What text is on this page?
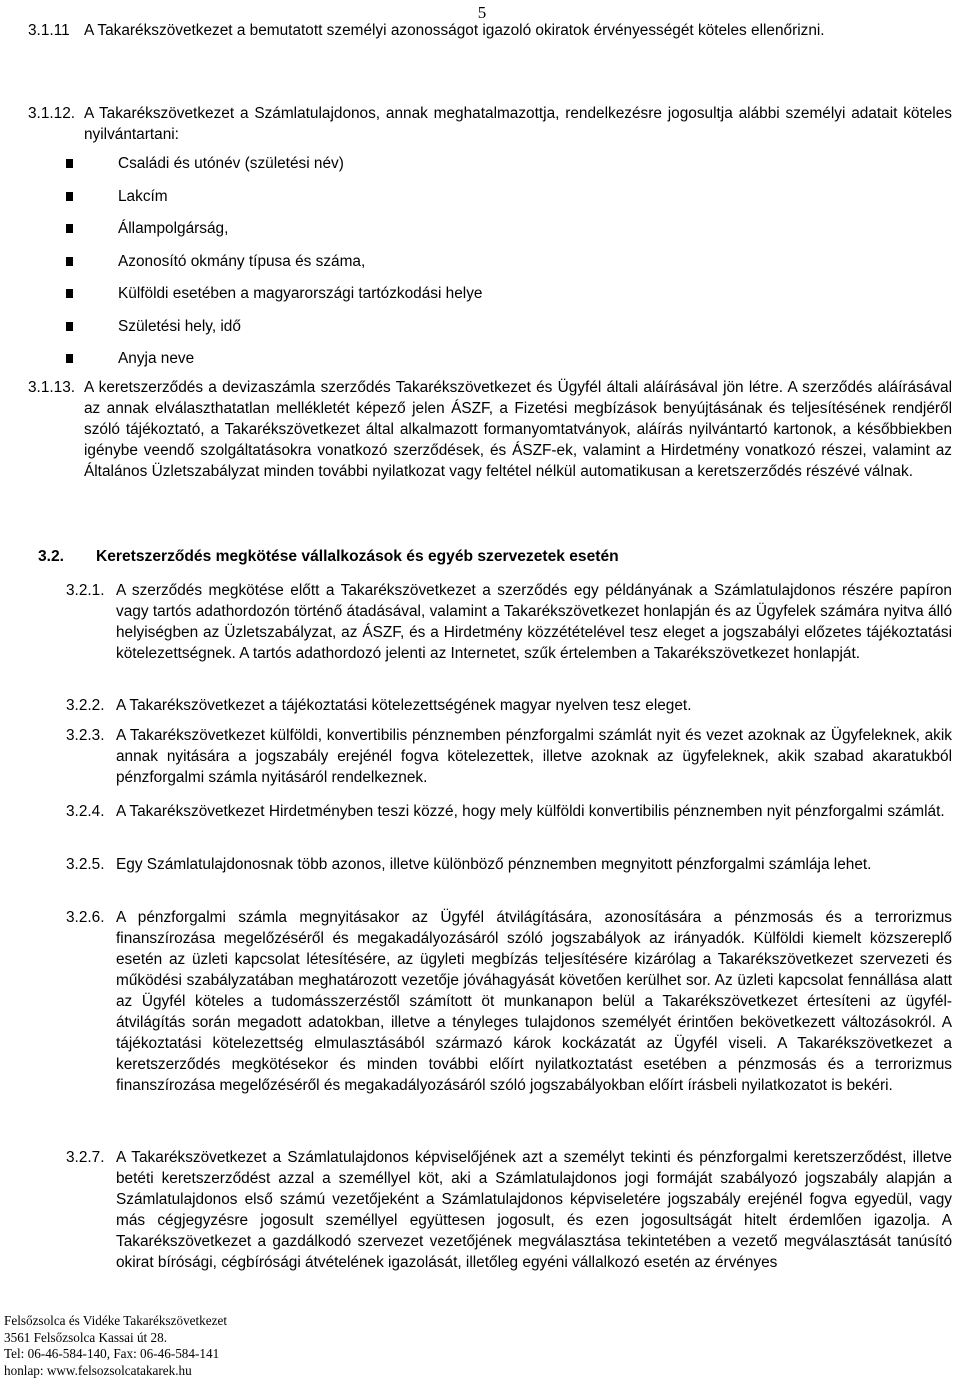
5
3.1.11 A Takarékszövetkezet a bemutatott személyi azonosságot igazoló okiratok érvényességét köteles ellenőrizni.
3.1.12. A Takarékszövetkezet a Számlatulajdonos, annak meghatalmazottja, rendelkezésre jogosultja alábbi személyi adatait köteles nyilvántartani:
Családi és utónév (születési név)
Lakcím
Állampolgárság,
Azonosító okmány típusa és száma,
Külföldi esetében a magyarországi tartózkodási helye
Születési hely, idő
Anyja neve
3.1.13. A keretszerződés a devizaszámla szerződés Takarékszövetkezet és Ügyfél általi aláírásával jön létre. A szerződés aláírásával az annak elválaszthatatlan mellékletét képező jelen ÁSZF, a Fizetési megbízások benyújtásának és teljesítésének rendjéről szóló tájékoztató, a Takarékszövetkezet által alkalmazott formanyomtatványok, aláírás nyilvántartó kartonok, a későbbiekben igénybe veendő szolgáltatásokra vonatkozó szerződések, és ÁSZF-ek, valamint a Hirdetmény vonatkozó részei, valamint az Általános Üzletszabályzat minden további nyilatkozat vagy feltétel nélkül automatikusan a keretszerződés részévé válnak.
3.2. Keretszerződés megkötése vállalkozások és egyéb szervezetek esetén
3.2.1. A szerződés megkötése előtt a Takarékszövetkezet a szerződés egy példányának a Számlatulajdonos részére papíron vagy tartós adathordozón történő átadásával, valamint a Takarékszövetkezet honlapján és az Ügyfelek számára nyitva álló helyiségben az Üzletszabályzat, az ÁSZF, és a Hirdetmény közzétételével tesz eleget a jogszabályi előzetes tájékoztatási kötelezettségnek. A tartós adathordozó jelenti az Internetet, szűk értelemben a Takarékszövetkezet honlapját.
3.2.2. A Takarékszövetkezet a tájékoztatási kötelezettségének magyar nyelven tesz eleget.
3.2.3. A Takarékszövetkezet külföldi, konvertibilis pénznemben pénzforgalmi számlát nyit és vezet azoknak az Ügyfeleknek, akik annak nyitására a jogszabály erejénél fogva kötelezettek, illetve azoknak az ügyfeleknek, akik szabad akaratukból pénzforgalmi számla nyitásáról rendelkeznek.
3.2.4. A Takarékszövetkezet Hirdetményben teszi közzé, hogy mely külföldi konvertibilis pénznemben nyit pénzforgalmi számlát.
3.2.5. Egy Számlatulajdonosnak több azonos, illetve különböző pénznemben megnyitott pénzforgalmi számlája lehet.
3.2.6. A pénzforgalmi számla megnyitásakor az Ügyfél átvilágítására, azonosítására a pénzmosás és a terrorizmus finanszírozása megelőzéséről és megakadályozásáról szóló jogszabályok az irányadók. Külföldi kiemelt közszereplő esetén az üzleti kapcsolat létesítésére, az ügyleti megbízás teljesítésére kizárólag a Takarékszövetkezet szervezeti és működési szabályzatában meghatározott vezetője jóváhagyását követően kerülhet sor. Az üzleti kapcsolat fennállása alatt az Ügyfél köteles a tudomásszerzéstől számított öt munkanapon belül a Takarékszövetkezet értesíteni az ügyfél-átvilágítás során megadott adatokban, illetve a tényleges tulajdonos személyét érintően bekövetkezett változásokról. A tájékoztatási kötelezettség elmulasztásából származó károk kockázatát az Ügyfél viseli. A Takarékszövetkezet a keretszerződés megkötésekor és minden további előírt nyilatkoztatást esetében a pénzmosás és a terrorizmus finanszírozása megelőzéséről és megakadályozásáról szóló jogszabályokban előírt írásbeli nyilatkozatot is bekéri.
3.2.7. A Takarékszövetkezet a Számlatulajdonos képviselőjének azt a személyt tekinti és pénzforgalmi keretszerződést, illetve betéti keretszerződést azzal a személlyel köt, aki a Számlatulajdonos jogi formáját szabályozó jogszabály alapján a Számlatulajdonos első számú vezetőjeként a Számlatulajdonos képviseletére jogszabály erejénél fogva egyedül, vagy más cégjegyzésre jogosult személlyel együttesen jogosult, és ezen jogosultságát hitelt érdemlően igazolja. A Takarékszövetkezet a gazdálkodó szervezet vezetőjének megválasztása tekintetében a vezető megválasztását tanúsító okirat bírósági, cégbírósági átvételének igazolását, illetőleg egyéni vállalkozó esetén az érvényes
Felsőzsolca és Vidéke Takarékszövetkezet
3561 Felsőzsolca Kassai út 28.
Tel: 06-46-584-140, Fax: 06-46-584-141
honlap: www.felsozsolcatakarek.hu
